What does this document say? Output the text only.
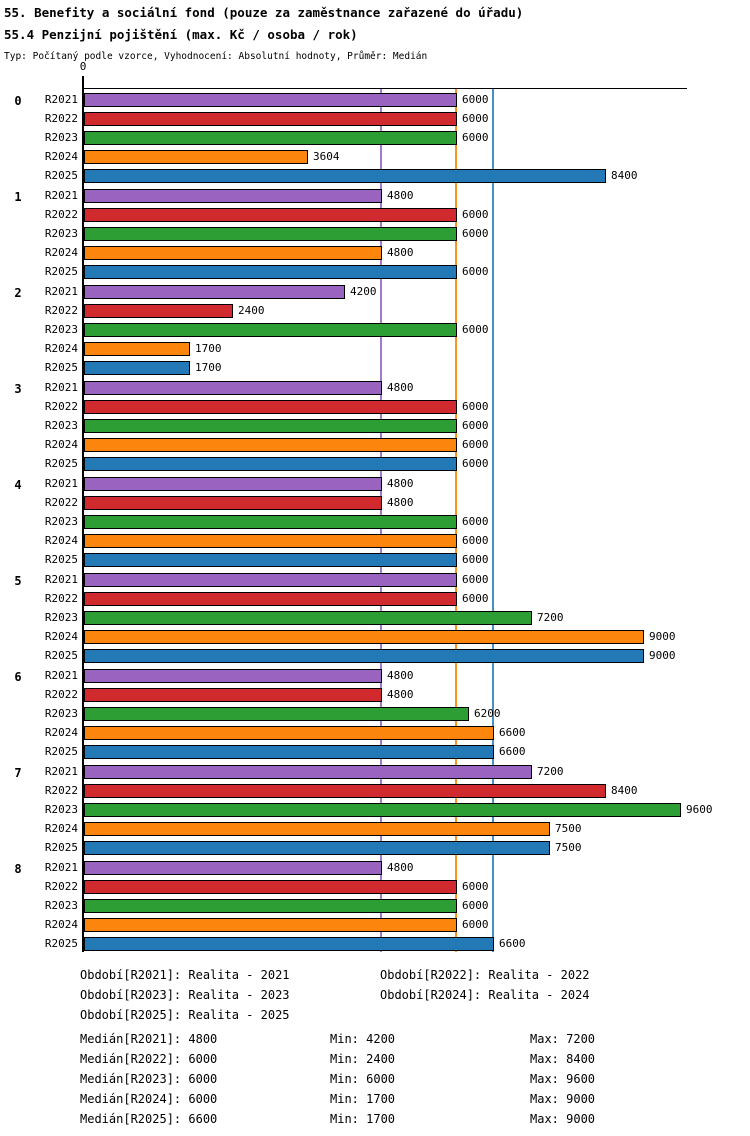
55. Benefity a sociální fond (pouze za zaměstnance zařazené do úřadu)
55.4 Penzijní pojištění (max. Kč / osoba / rok)
Typ: Počítaný podle vzorce, Vyhodnocení: Absolutní hodnoty, Průměr: Medián
0
0	R2021	6000
R2022	6000
R2023	6000
R2024	3604
R2025	8400
1	R2021	4800
R2022	6000
R2023	6000
R2024	4800
R2025	6000
2	R2021	4200
R2022	2400
R2023	6000
R2024	1700
R2025	1700
3	R2021	4800
R2022	6000
R2023	6000
R2024	6000
R2025	6000
4	R2021	4800
R2022	4800
R2023	6000
R2024	6000
R2025	6000
5	R2021	6000
R2022	6000
R2023	7200
R2024	9000
R2025	9000
6	R2021	4800
R2022	4800
R2023	6200
R2024	6600
R2025	6600
7	R2021	7200
R2022	8400
R2023	9600
R2024	7500
R2025	7500
8	R2021	4800
R2022	6000
R2023	6000
R2024	6000
R2025	6600
Období[R2021]: Realita - 2021	Období[R2022]: Realita - 2022
Období[R2023]: Realita - 2023	Období[R2024]: Realita - 2024
Období[R2025]: Realita - 2025
Medián[R2021]: 4800	Min: 4200	Max: 7200
Medián[R2022]: 6000	Min: 2400	Max: 8400
Medián[R2023]: 6000	Min: 6000	Max: 9600
Medián[R2024]: 6000	Min: 1700	Max: 9000
Medián[R2025]: 6600	Min: 1700	Max: 9000
